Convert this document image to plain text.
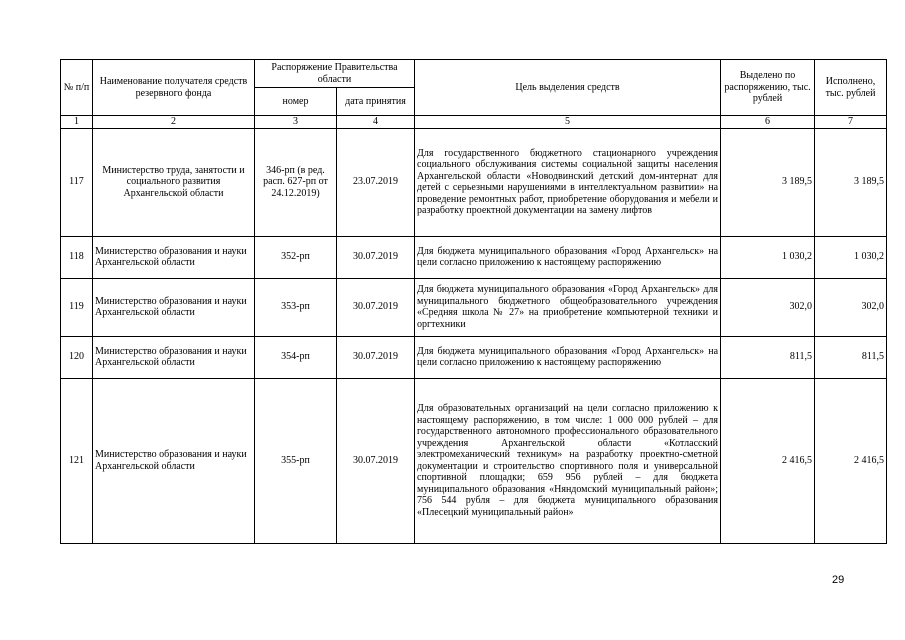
№ п/п	Наименование получателя средств резервного фонда	Распоряжение Правительства области		Цель выделения средств	Выделено по распоряжению, тыс. рублей	Исполнено, тыс. рублей
		номер	дата принятия			
1	2	3	4	5	6	7
117	Министерство труда, занятости и социального развития Архангельской области	346-рп (в ред. расп. 627-рп от 24.12.2019)	23.07.2019	Для государственного бюджетного стационарного учреждения социального обслуживания системы социальной защиты населения Архангельской области «Новодвинский детский дом-интернат для детей с серьезными нарушениями в интеллектуальном развитии» на проведение ремонтных работ, приобретение оборудования и мебели и разработку проектной документации на замену лифтов	3 189,5	3 189,5
118	Министерство образования и науки Архангельской области	352-рп	30.07.2019	Для бюджета муниципального образования «Город Архангельск» на цели согласно приложению к настоящему распоряжению	1 030,2	1 030,2
119	Министерство образования и науки Архангельской области	353-рп	30.07.2019	Для бюджета муниципального образования «Город Архангельск» для муниципального бюджетного общеобразовательного учреждения «Средняя школа № 27» на приобретение компьютерной техники и оргтехники	302,0	302,0
120	Министерство образования и науки Архангельской области	354-рп	30.07.2019	Для бюджета муниципального образования «Город Архангельск» на цели согласно приложению к настоящему распоряжению	811,5	811,5
121	Министерство образования и науки Архангельской области	355-рп	30.07.2019	Для образовательных организаций на цели согласно приложению к настоящему распоряжению, в том числе: 1 000 000 рублей – для государственного автономного профессионального образовательного учреждения Архангельской области «Котласский электромеханический техникум» на разработку проектно-сметной документации и строительство спортивного поля и универсальной спортивной площадки; 659 956 рублей – для бюджета муниципального образования «Няндомский муниципальный район»; 756 544 рубля – для бюджета муниципального образования «Плесецкий муниципальный район»	2 416,5	2 416,5
29
